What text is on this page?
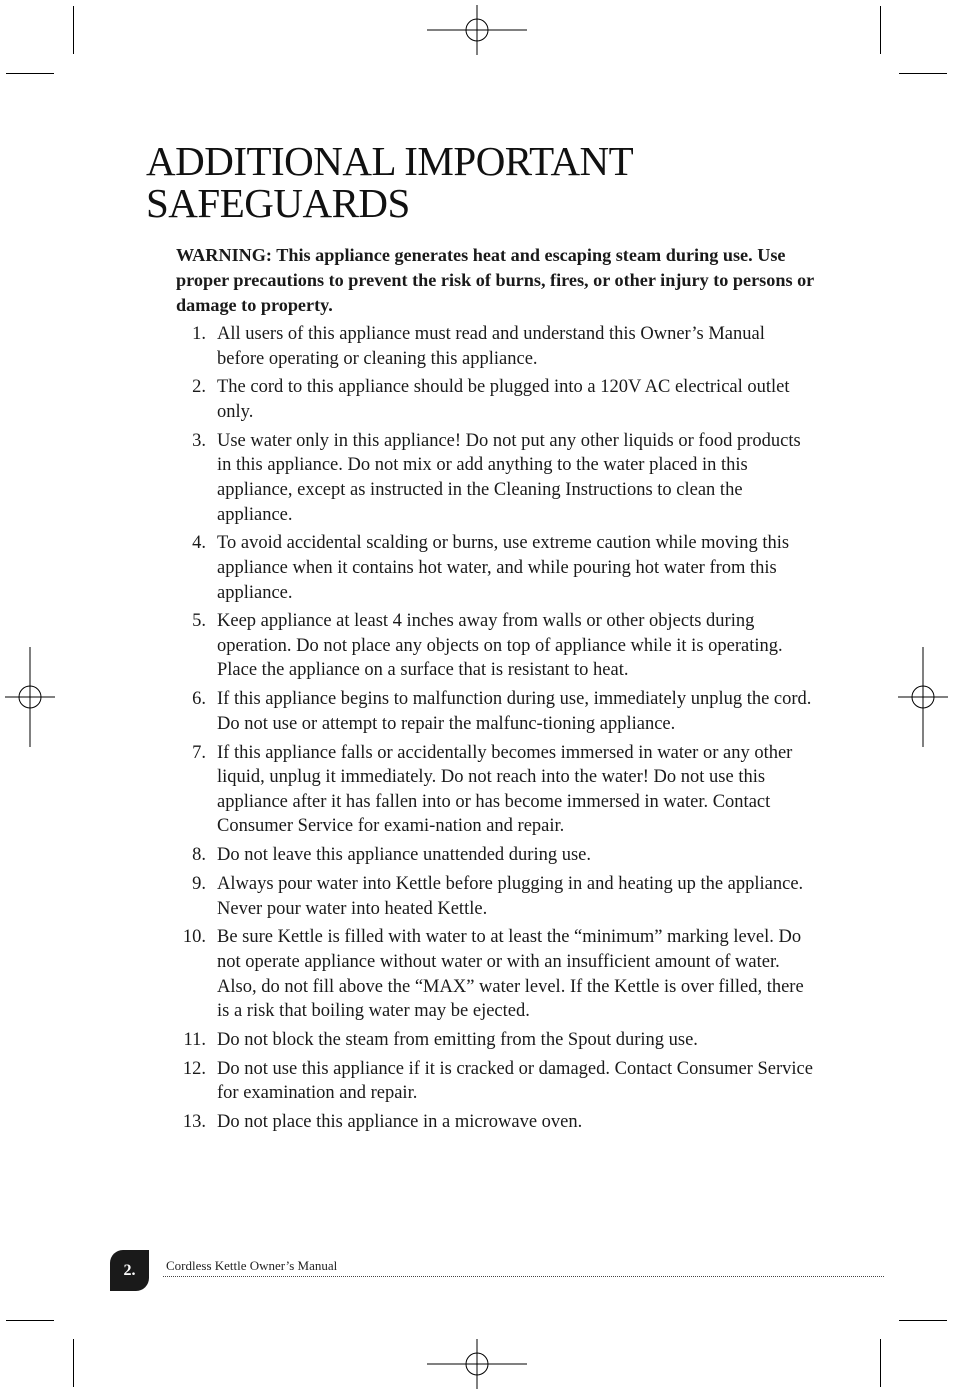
ADDITIONAL IMPORTANT
SAFEGUARDS

WARNING: This appliance generates heat and escaping steam during use. Use proper precautions to prevent the risk of burns, fires, or other injury to persons or damage to property.

1. All users of this appliance must read and understand this Owner’s Manual before operating or cleaning this appliance.
2. The cord to this appliance should be plugged into a 120V AC electrical outlet only.
3. Use water only in this appliance! Do not put any other liquids or food products in this appliance. Do not mix or add anything to the water placed in this appliance, except as instructed in the Cleaning Instructions to clean the appliance.
4. To avoid accidental scalding or burns, use extreme caution while moving this appliance when it contains hot water, and while pouring hot water from this appliance.
5. Keep appliance at least 4 inches away from walls or other objects during operation. Do not place any objects on top of appliance while it is operating. Place the appliance on a surface that is resistant to heat.
6. If this appliance begins to malfunction during use, immediately unplug the cord. Do not use or attempt to repair the malfunc-tioning appliance.
7. If this appliance falls or accidentally becomes immersed in water or any other liquid, unplug it immediately. Do not reach into the water! Do not use this appliance after it has fallen into or has become immersed in water. Contact Consumer Service for exami-nation and repair.
8. Do not leave this appliance unattended during use.
9. Always pour water into Kettle before plugging in and heating up the appliance. Never pour water into heated Kettle.
10. Be sure Kettle is filled with water to at least the “minimum” marking level. Do not operate appliance without water or with an insufficient amount of water. Also, do not fill above the “MAX” water level. If the Kettle is over filled, there is a risk that boiling water may be ejected.
11. Do not block the steam from emitting from the Spout during use.
12. Do not use this appliance if it is cracked or damaged. Contact Consumer Service for examination and repair.
13. Do not place this appliance in a microwave oven.
2.	Cordless Kettle Owner’s Manual
